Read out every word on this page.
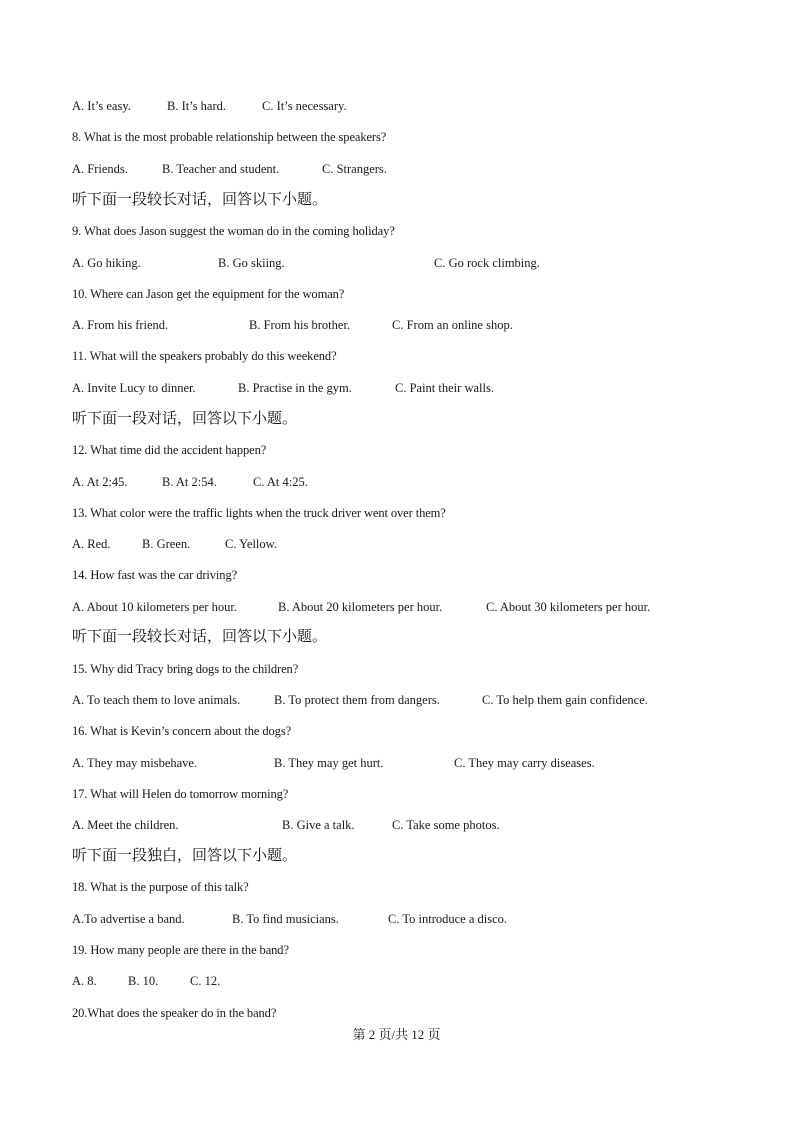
A. It’s easy.	B. It’s hard.	C. It’s necessary.
8. What is the most probable relationship between the speakers?
A. Friends.	B. Teacher and student.	C. Strangers.
听下面一段较长对话，回答以下小题。
9. What does Jason suggest the woman do in the coming holiday?
A. Go hiking.	B. Go skiing.	C. Go rock climbing.
10. Where can Jason get the equipment for the woman?
A. From his friend.	B. From his brother.	C. From an online shop.
11. What will the speakers probably do this weekend?
A. Invite Lucy to dinner.	B. Practise in the gym.	C. Paint their walls.
听下面一段对话，回答以下小题。
12. What time did the accident happen?
A. At 2:45.	B. At 2:54.	C. At 4:25.
13. What color were the traffic lights when the truck driver went over them?
A. Red.	B. Green.	C. Yellow.
14. How fast was the car driving?
A. About 10 kilometers per hour.	B. About 20 kilometers per hour.	C. About 30 kilometers per hour.
听下面一段较长对话，回答以下小题。
15. Why did Tracy bring dogs to the children?
A. To teach them to love animals.	B. To protect them from dangers.	C. To help them gain confidence.
16. What is Kevin’s concern about the dogs?
A. They may misbehave.	B. They may get hurt.	C. They may carry diseases.
17. What will Helen do tomorrow morning?
A. Meet the children.	B. Give a talk.	C. Take some photos.
听下面一段独白，回答以下小题。
18. What is the purpose of this talk?
A.To advertise a band.	B. To find musicians.	C. To introduce a disco.
19. How many people are there in the band?
A. 8.	B. 10.	C. 12.
20.What does the speaker do in the band?
第 2 页/共 12 页
